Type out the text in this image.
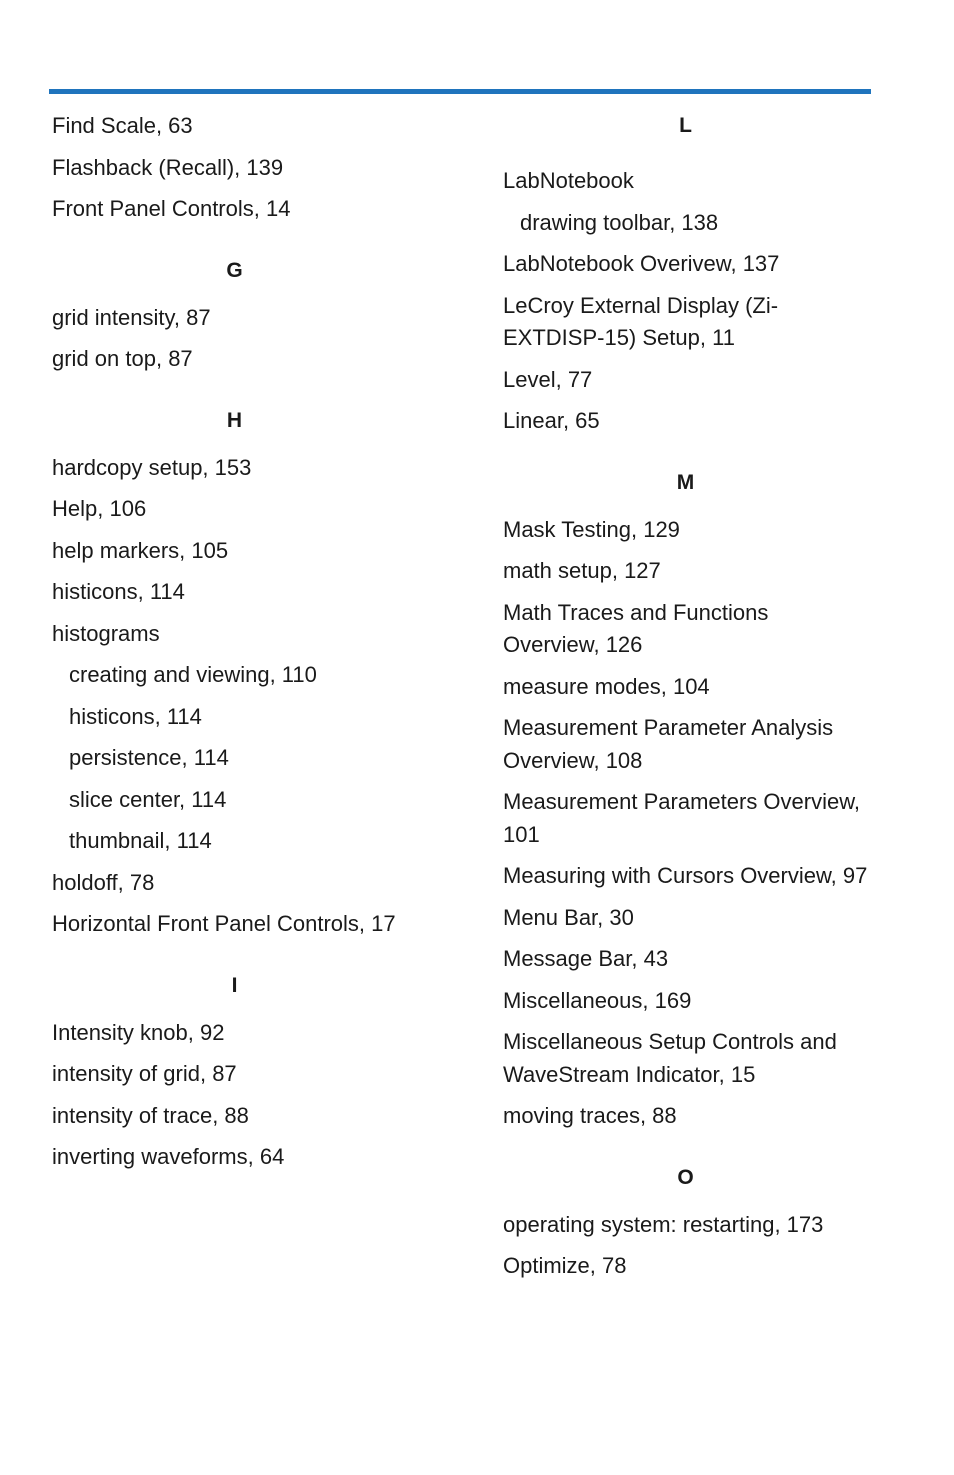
Find Scale, 63
Flashback (Recall), 139
Front Panel Controls, 14
G
grid intensity, 87
grid on top, 87
H
hardcopy setup, 153
Help, 106
help markers, 105
histicons, 114
histograms
creating and viewing, 110
histicons, 114
persistence, 114
slice center, 114
thumbnail, 114
holdoff, 78
Horizontal Front Panel Controls, 17
I
Intensity knob, 92
intensity of grid, 87
intensity of trace, 88
inverting waveforms, 64
L
LabNotebook
drawing toolbar, 138
LabNotebook Overivew, 137
LeCroy External Display (Zi-EXTDISP-15) Setup, 11
Level, 77
Linear, 65
M
Mask Testing, 129
math setup, 127
Math Traces and Functions Overview, 126
measure modes, 104
Measurement Parameter Analysis Overview, 108
Measurement Parameters Overview, 101
Measuring with Cursors Overview, 97
Menu Bar, 30
Message Bar, 43
Miscellaneous, 169
Miscellaneous Setup Controls and WaveStream Indicator, 15
moving traces, 88
O
operating system: restarting, 173
Optimize, 78
